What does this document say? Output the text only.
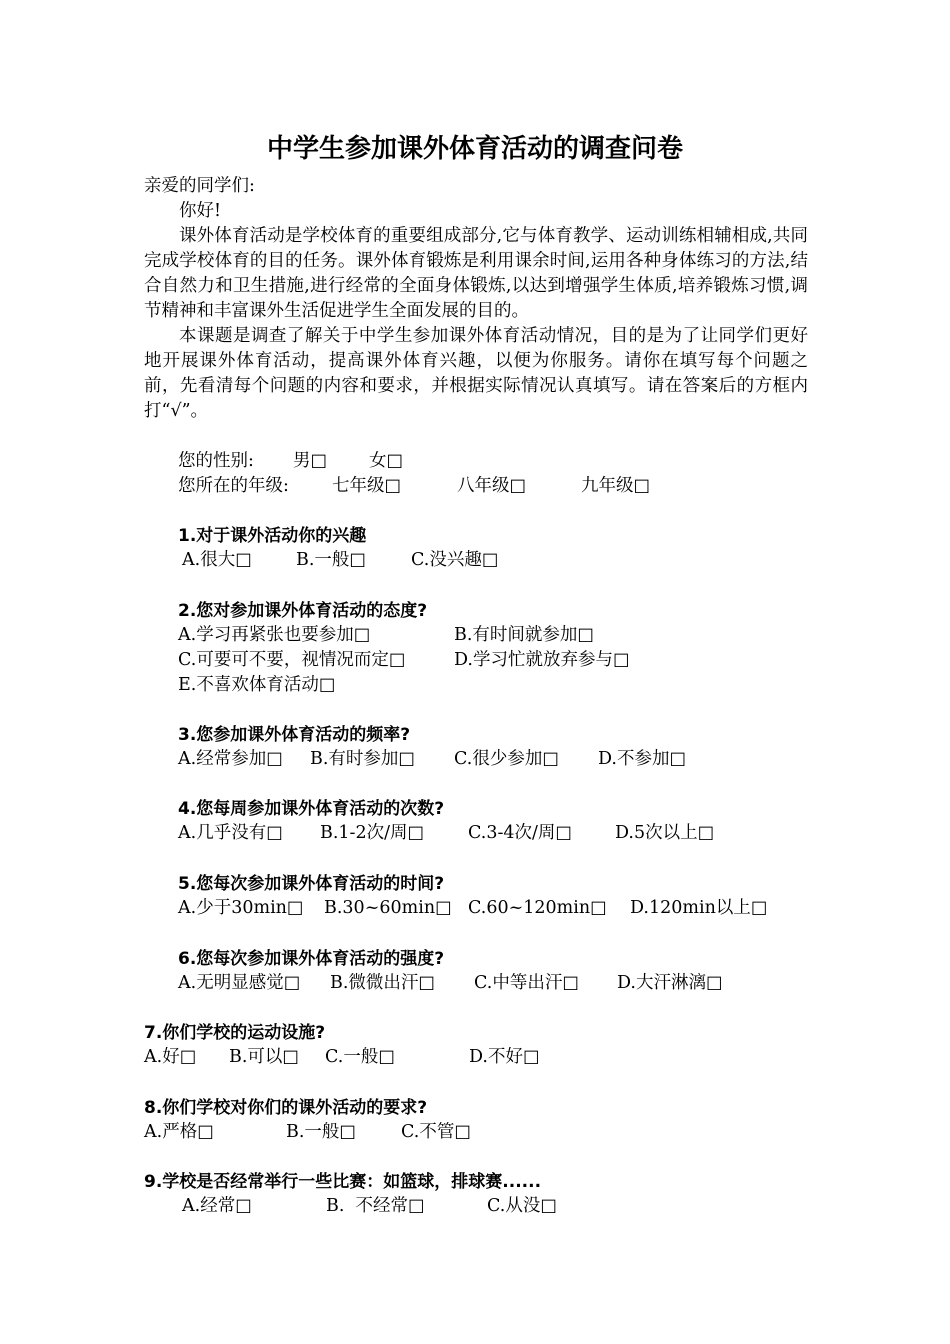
中学生参加课外体育活动的调查问卷

亲爱的同学们:

你好!

课外体育活动是学校体育的重要组成部分,它与体育教学、运动训练相辅相成,共同完成学校体育的目的任务。课外体育锻炼是利用课余时间,运用各种身体练习的方法,结合自然力和卫生措施,进行经常的全面身体锻炼,以达到增强学生体质,培养锻炼习惯,调节精神和丰富课外生活促进学生全面发展的目的。

本课题是调查了解关于中学生参加课外体育活动情况，目的是为了让同学们更好地开展课外体育活动，提高课外体育兴趣，以便为你服务。请你在填写每个问题之前，先看清每个问题的内容和要求，并根据实际情况认真填写。请在答案后的方框内打“√”。

您的性别: 男□ 女□
您所在的年级: 七年级□	八年级□	九年级□
1.对于课外活动你的兴趣
A.很大□	B.一般□	C.没兴趣□
2.您对参加课外体育活动的态度?
A.学习再紧张也要参加□	B.有时间就参加□
C.可要可不要，视情况而定□	D.学习忙就放弃参与□
E.不喜欢体育活动□
3.您参加课外体育活动的频率?
A.经常参加□ B.有时参加□ C.很少参加□ D.不参加□
4.您每周参加课外体育活动的次数?
A.几乎没有□ B.1-2次/周□	C.3-4次/周□ D.5次以上□
5.您每次参加课外体育活动的时间?
A.少于30min□ B.30~60min□ C.60~120min□ D.120min以上□
6.您每次参加课外体育活动的强度?
A.无明显感觉□ B.微微出汗□ C.中等出汗□ D.大汗淋漓□
7.你们学校的运动设施?
A.好□ B.可以□ C.一般□	D.不好□
8.你们学校对你们的课外活动的要求?
A.严格□	B.一般□	C.不管□
9.学校是否经常举行一些比赛：如篮球，排球赛......
A.经常□	B.  不经常□	C.从没□
